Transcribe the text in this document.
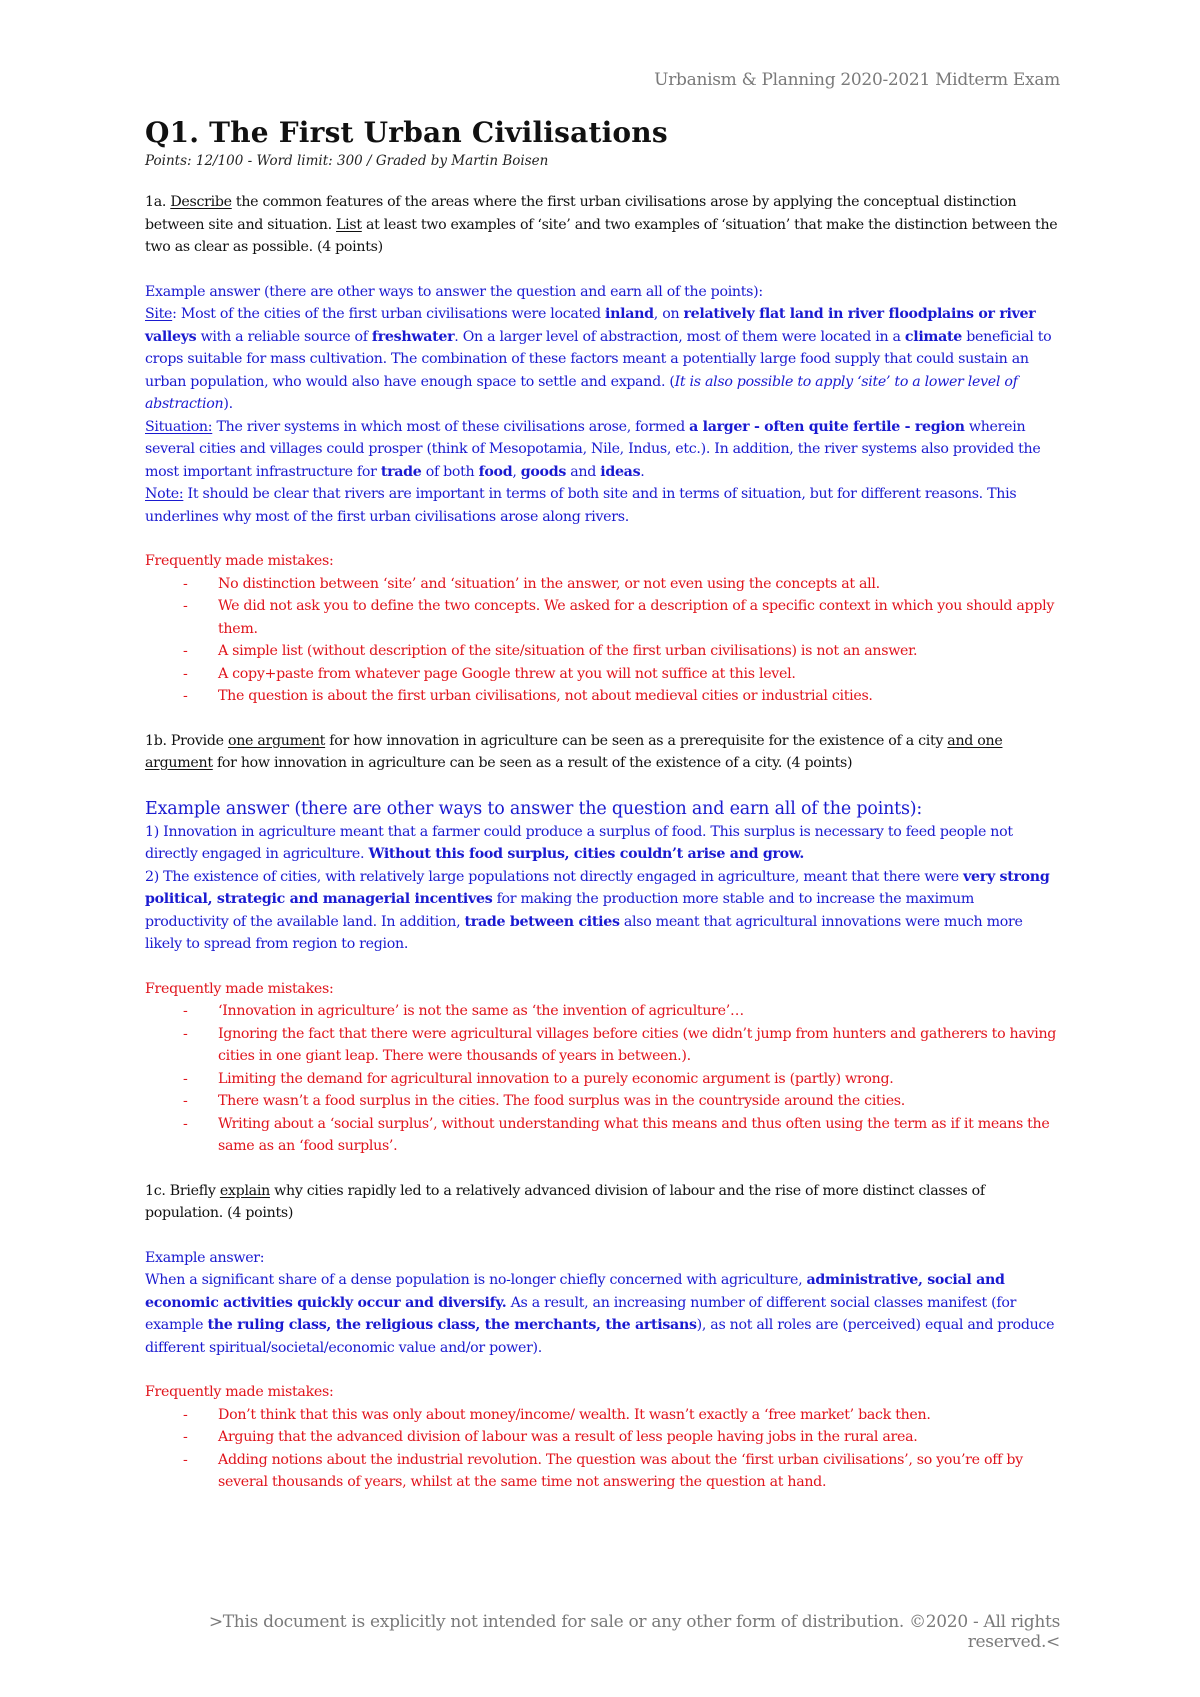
Urbanism & Planning 2020-2021 Midterm Exam
Q1. The First Urban Civilisations
Points: 12/100 - Word limit: 300 / Graded by Martin Boisen

1a. Describe the common features of the areas where the first urban civilisations arose by applying the conceptual distinction between site and situation. List at least two examples of ‘site’ and two examples of ‘situation’ that make the distinction between the two as clear as possible. (4 points)

Example answer (there are other ways to answer the question and earn all of the points):

Site: Most of the cities of the first urban civilisations were located inland, on relatively flat land in river floodplains or river valleys with a reliable source of freshwater. On a larger level of abstraction, most of them were located in a climate beneficial to crops suitable for mass cultivation. The combination of these factors meant a potentially large food supply that could sustain an urban population, who would also have enough space to settle and expand. (It is also possible to apply ‘site’ to a lower level of abstraction).

Situation: The river systems in which most of these civilisations arose, formed a larger - often quite fertile - region wherein several cities and villages could prosper (think of Mesopotamia, Nile, Indus, etc.). In addition, the river systems also provided the most important infrastructure for trade of both food, goods and ideas.

Note: It should be clear that rivers are important in terms of both site and in terms of situation, but for different reasons. This underlines why most of the first urban civilisations arose along rivers.

Frequently made mistakes:

- No distinction between ‘site’ and ‘situation’ in the answer, or not even using the concepts at all.
- We did not ask you to define the two concepts. We asked for a description of a specific context in which you should apply them.
- A simple list (without description of the site/situation of the first urban civilisations) is not an answer.
- A copy+paste from whatever page Google threw at you will not suffice at this level.
- The question is about the first urban civilisations, not about medieval cities or industrial cities.

1b. Provide one argument for how innovation in agriculture can be seen as a prerequisite for the existence of a city and one argument for how innovation in agriculture can be seen as a result of the existence of a city. (4 points)

Example answer (there are other ways to answer the question and earn all of the points):

1) Innovation in agriculture meant that a farmer could produce a surplus of food. This surplus is necessary to feed people not directly engaged in agriculture. Without this food surplus, cities couldn’t arise and grow.

2) The existence of cities, with relatively large populations not directly engaged in agriculture, meant that there were very strong political, strategic and managerial incentives for making the production more stable and to increase the maximum productivity of the available land. In addition, trade between cities also meant that agricultural innovations were much more likely to spread from region to region.

Frequently made mistakes:

- ‘Innovation in agriculture’ is not the same as ‘the invention of agriculture’…
- Ignoring the fact that there were agricultural villages before cities (we didn’t jump from hunters and gatherers to having cities in one giant leap. There were thousands of years in between.).
- Limiting the demand for agricultural innovation to a purely economic argument is (partly) wrong.
- There wasn’t a food surplus in the cities. The food surplus was in the countryside around the cities.
- Writing about a ‘social surplus’, without understanding what this means and thus often using the term as if it means the same as an ‘food surplus’.

1c. Briefly explain why cities rapidly led to a relatively advanced division of labour and the rise of more distinct classes of population. (4 points)

Example answer:

When a significant share of a dense population is no-longer chiefly concerned with agriculture, administrative, social and economic activities quickly occur and diversify. As a result, an increasing number of different social classes manifest (for example the ruling class, the religious class, the merchants, the artisans), as not all roles are (perceived) equal and produce different spiritual/societal/economic value and/or power).

Frequently made mistakes:

- Don’t think that this was only about money/income/ wealth. It wasn’t exactly a ‘free market’ back then.
- Arguing that the advanced division of labour was a result of less people having jobs in the rural area.
- Adding notions about the industrial revolution. The question was about the ‘first urban civilisations’, so you’re off by several thousands of years, whilst at the same time not answering the question at hand.
>This document is explicitly not intended for sale or any other form of distribution. ©2020 - All rights reserved.<
